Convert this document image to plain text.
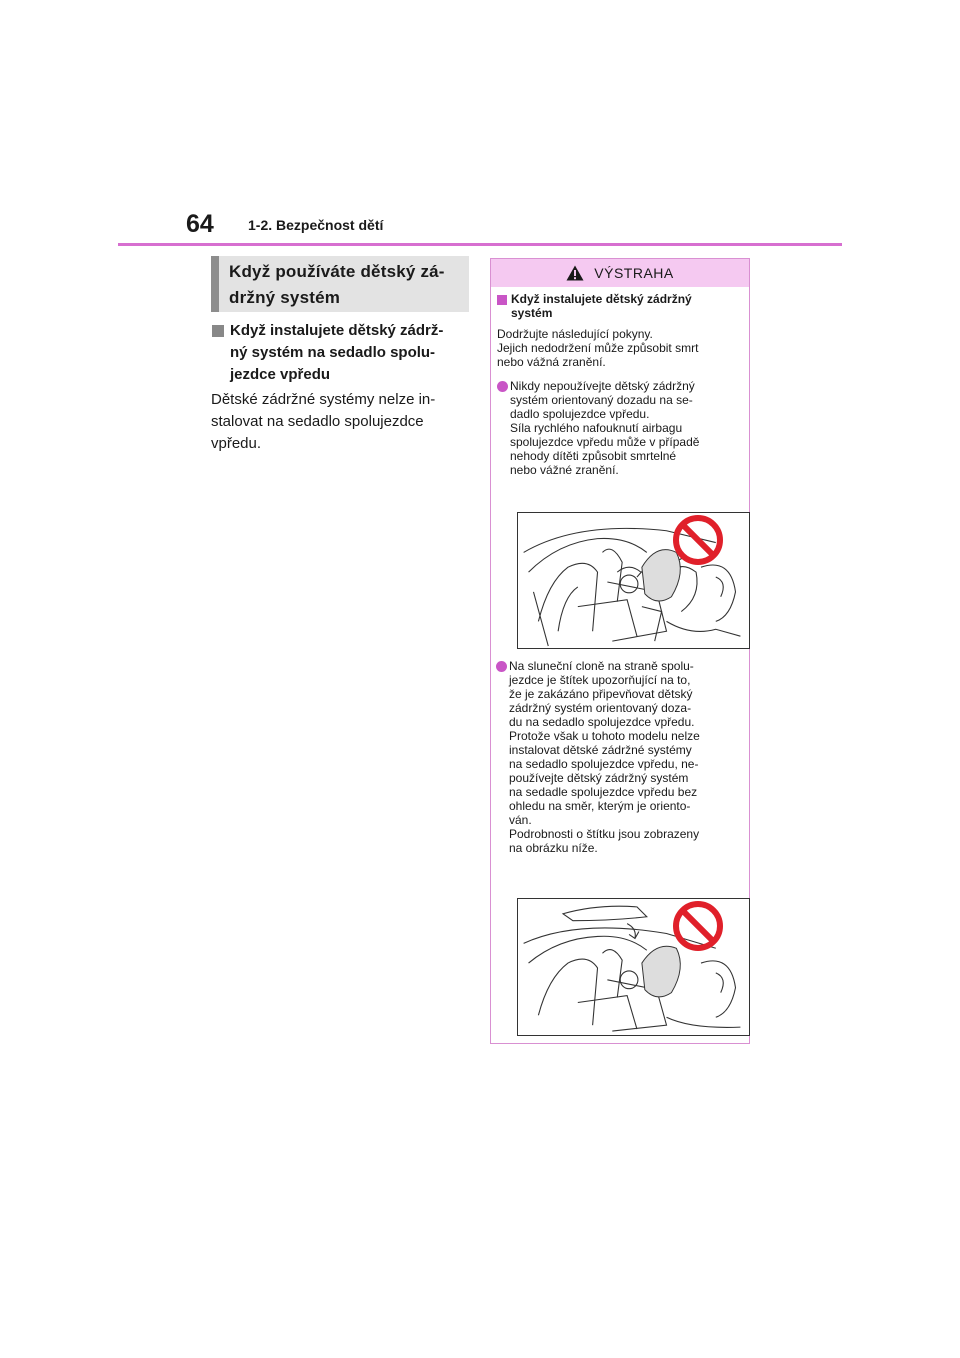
64 1-2. Bezpečnost dětí
Když používáte dětský zá-
držný systém
Když instalujete dětský zádrž-
ný systém na sedadlo spolu-
jezdce vpředu
Dětské zádržné systémy nelze in-
stalovat na sedadlo spolujezdce
vpředu.
VÝSTRAHA
Když instalujete dětský zádržný
systém
Dodržujte následující pokyny.
Jejich nedodržení může způsobit smrt
nebo vážná zranění.
Nikdy nepoužívejte dětský zádržný
systém orientovaný dozadu na se-
dadlo spolujezdce vpředu.
Síla rychlého nafouknutí airbagu
spolujezdce vpředu může v případě
nehody dítěti způsobit smrtelné
nebo vážné zranění.
Na sluneční cloně na straně spolu-
jezdce je štítek upozorňující na to,
že je zakázáno připevňovat dětský
zádržný systém orientovaný doza-
du na sedadlo spolujezdce vpředu.
Protože však u tohoto modelu nelze
instalovat dětské zádržné systémy
na sedadlo spolujezdce vpředu, ne-
používejte dětský zádržný systém
na sedadle spolujezdce vpředu bez
ohledu na směr, kterým je oriento-
ván.
Podrobnosti o štítku jsou zobrazeny
na obrázku níže.
